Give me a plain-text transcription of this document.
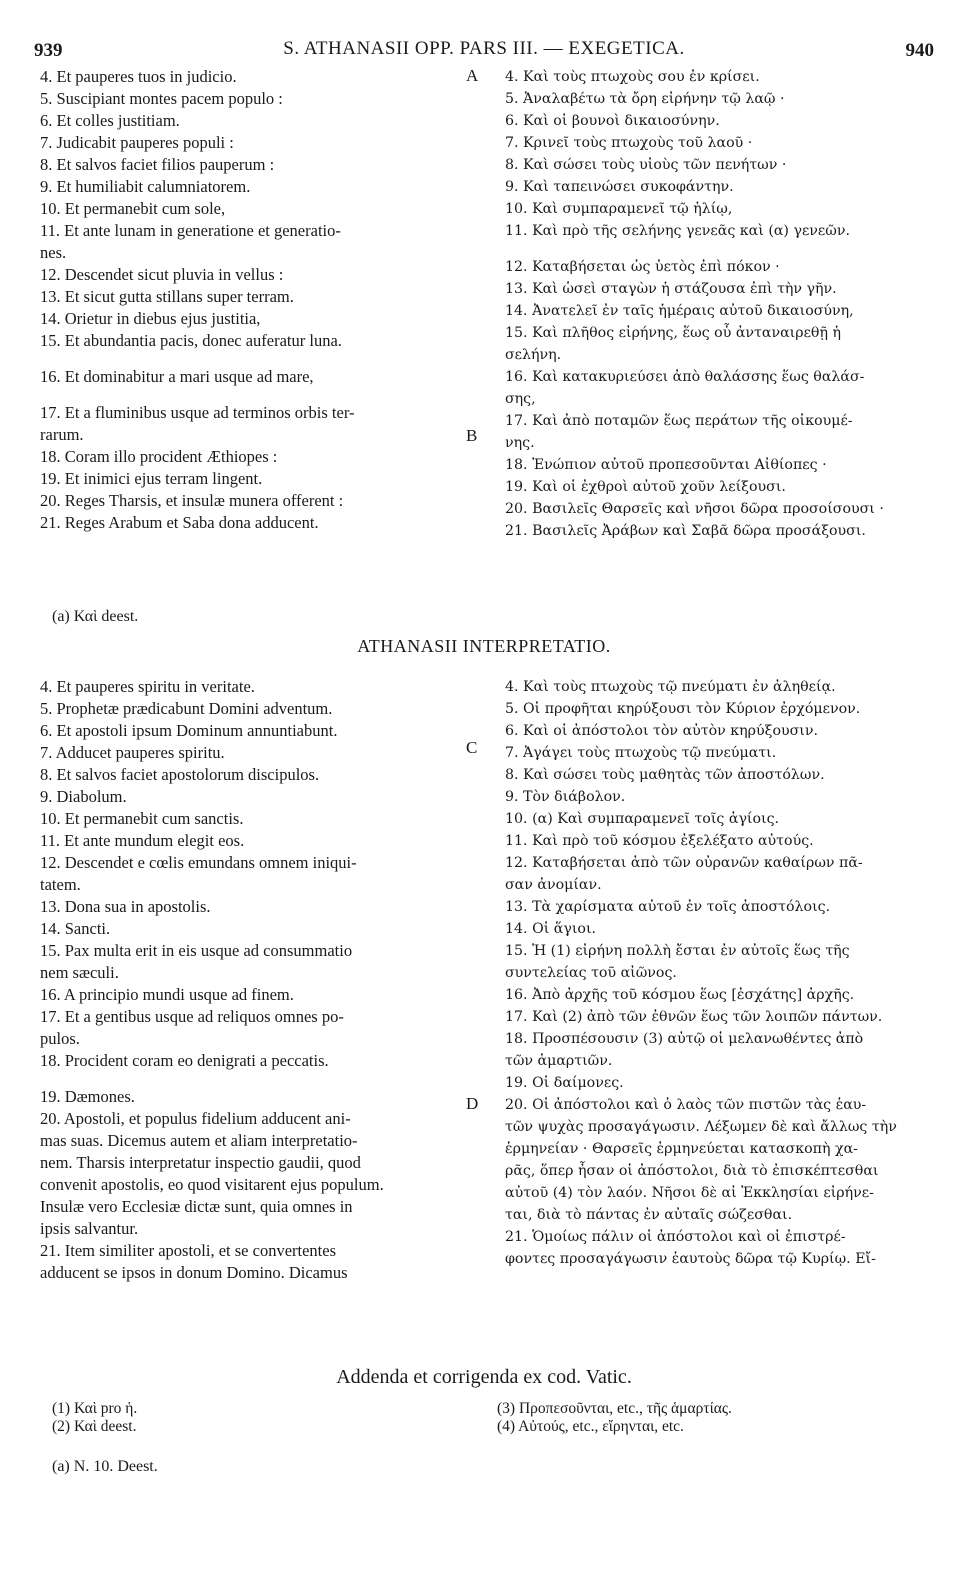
939	S. ATHANASII OPP. PARS III. — EXEGETICA.	940
4. Et pauperes tuos in judicio.
5. Suscipiant montes pacem populo :
6. Et colles justitiam.
7. Judicabit pauperes populi :
8. Et salvos faciet filios pauperum :
9. Et humiliabit calumniatorem.
10. Et permanebit cum sole,
11. Et ante lunam in generatione et generatio-
nes.
12. Descendet sicut pluvia in vellus :
13. Et sicut gutta stillans super terram.
14. Orietur in diebus ejus justitia,
15. Et abundantia pacis, donec auferatur luna.
16. Et dominabitur a mari usque ad mare,
17. Et a fluminibus usque ad terminos orbis ter-
rarum.
18. Coram illo procident Æthiopes :
19. Et inimici ejus terram lingent.
20. Reges Tharsis, et insulæ munera offerent :
21. Reges Arabum et Saba dona adducent.
4. Καὶ τοὺς πτωχοὺς σου ἐν κρίσει.
5. Ἀναλαβέτω τὰ ὄρη εἰρήνην τῷ λαῷ ·
6. Καὶ οἱ βουνοὶ δικαιοσύνην.
7. Κρινεῖ τοὺς πτωχοὺς τοῦ λαοῦ ·
8. Καὶ σώσει τοὺς υἱοὺς τῶν πενήτων ·
9. Καὶ ταπεινώσει συκοφάντην.
10. Καὶ συμπαραμενεῖ τῷ ἡλίῳ,
11. Καὶ πρὸ τῆς σελήνης γενεᾶς καὶ (α) γενεῶν.
12. Καταβήσεται ὡς ὑετὸς ἐπὶ πόκον ·
13. Καὶ ὡσεὶ σταγὼν ἡ στάζουσα ἐπὶ τὴν γῆν.
14. Ἀνατελεῖ ἐν ταῖς ἡμέραις αὐτοῦ δικαιοσύνη,
15. Καὶ πλῆθος εἰρήνης, ἕως οὗ ἀνταναιρεθῇ ἡ
σελήνη.
16. Καὶ κατακυριεύσει ἀπὸ θαλάσσης ἕως θαλάσ-
σης,
17. Καὶ ἀπὸ ποταμῶν ἕως περάτων τῆς οἰκουμέ-
νης.
18. Ἐνώπιον αὐτοῦ προπεσοῦνται Αἰθίοπες ·
19. Καὶ οἱ ἐχθροὶ αὐτοῦ χοῦν λείξουσι.
20. Βασιλεῖς Θαρσεῖς καὶ νῆσοι δῶρα προσοίσουσι ·
21. Βασιλεῖς Ἀράβων καὶ Σαβᾶ δῶρα προσάξουσι.
A
B
(a) Καὶ deest.
ATHANASII INTERPRETATIO.
4. Et pauperes spiritu in veritate.
5. Prophetæ prædicabunt Domini adventum.
6. Et apostoli ipsum Dominum annuntiabunt.
7. Adducet pauperes spiritu.
8. Et salvos faciet apostolorum discipulos.
9. Diabolum.
10. Et permanebit cum sanctis.
11. Et ante mundum elegit eos.
12. Descendet e cœlis emundans omnem iniqui-
tatem.
13. Dona sua in apostolis.
14. Sancti.
15. Pax multa erit in eis usque ad consummatio
nem sæculi.
16. A principio mundi usque ad finem.
17. Et a gentibus usque ad reliquos omnes po-
pulos.
18. Procident coram eo denigrati a peccatis.
19. Dæmones.
20. Apostoli, et populus fidelium adducent ani-
mas suas. Dicemus autem et aliam interpretatio-
nem. Tharsis interpretatur inspectio gaudii, quod
convenit apostolis, eo quod visitarent ejus populum.
Insulæ vero Ecclesiæ dictæ sunt, quia omnes in
ipsis salvantur.
21. Item similiter apostoli, et se convertentes
adducent se ipsos in donum Domino. Dicamus
4. Καὶ τοὺς πτωχοὺς τῷ πνεύματι ἐν ἀληθείᾳ.
5. Οἱ προφῆται κηρύξουσι τὸν Κύριον ἐρχόμενον.
6. Καὶ οἱ ἀπόστολοι τὸν αὐτὸν κηρύξουσιν.
7. Ἀγάγει τοὺς πτωχοὺς τῷ πνεύματι.
8. Καὶ σώσει τοὺς μαθητὰς τῶν ἀποστόλων.
9. Τὸν διάβολον.
10. (α) Καὶ συμπαραμενεῖ τοῖς ἁγίοις.
11. Καὶ πρὸ τοῦ κόσμου ἐξελέξατο αὐτούς.
12. Καταβήσεται ἀπὸ τῶν οὐρανῶν καθαίρων πᾶ-
σαν ἀνομίαν.
13. Τὰ χαρίσματα αὐτοῦ ἐν τοῖς ἀποστόλοις.
14. Οἱ ἅγιοι.
15. Ἡ (1) εἰρήνη πολλὴ ἔσται ἐν αὐτοῖς ἕως τῆς
συντελείας τοῦ αἰῶνος.
16. Ἀπὸ ἀρχῆς τοῦ κόσμου ἕως [ἐσχάτης] ἀρχῆς.
17. Καὶ (2) ἀπὸ τῶν ἐθνῶν ἕως τῶν λοιπῶν πάντων.
18. Προσπέσουσιν (3) αὐτῷ οἱ μελανωθέντες ἀπὸ
τῶν ἁμαρτιῶν.
19. Οἱ δαίμονες.
20. Οἱ ἀπόστολοι καὶ ὁ λαὸς τῶν πιστῶν τὰς ἑαυ-
τῶν ψυχὰς προσαγάγωσιν. Λέξωμεν δὲ καὶ ἄλλως τὴν
ἑρμηνείαν · Θαρσεῖς ἑρμηνεύεται κατασκοπὴ χα-
ρᾶς, ὅπερ ἦσαν οἱ ἀπόστολοι, διὰ τὸ ἐπισκέπτεσθαι
αὐτοῦ (4) τὸν λαόν. Νῆσοι δὲ αἱ Ἐκκλησίαι εἰρήνε-
ται, διὰ τὸ πάντας ἐν αὐταῖς σώζεσθαι.
21. Ὁμοίως πάλιν οἱ ἀπόστολοι καὶ οἱ ἐπιστρέ-
φοντες προσαγάγωσιν ἑαυτοὺς δῶρα τῷ Κυρίῳ. Εἴ-
C
D
Addenda et corrigenda ex cod. Vatic.
(1) Καὶ pro ἡ.
(2) Καὶ deest.
(3) Προπεσοῦνται, etc., τῆς ἁμαρτίας.
(4) Αὐτούς, etc., εἴρηνται, etc.
(a) N. 10. Deest.
